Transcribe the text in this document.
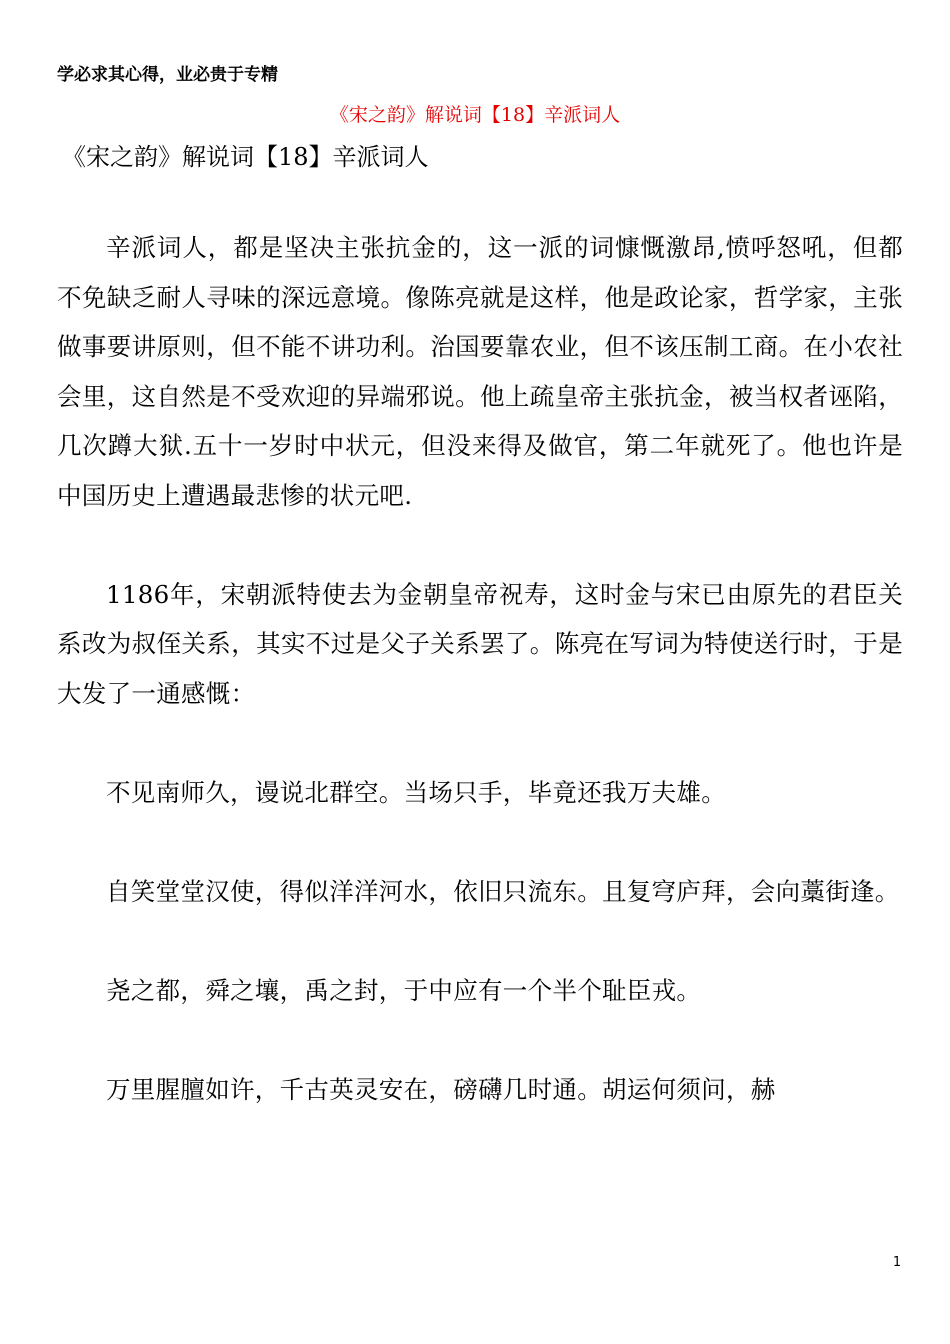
学必求其心得，业必贵于专精
《宋之韵》解说词【18】辛派词人
《宋之韵》解说词【18】辛派词人

辛派词人，都是坚决主张抗金的，这一派的词慷慨激昂,愤呼怒吼，但都不免缺乏耐人寻味的深远意境。像陈亮就是这样，他是政论家，哲学家，主张做事要讲原则，但不能不讲功利。治国要靠农业，但不该压制工商。在小农社会里，这自然是不受欢迎的异端邪说。他上疏皇帝主张抗金，被当权者诬陷，几次蹲大狱.五十一岁时中状元，但没来得及做官，第二年就死了。他也许是中国历史上遭遇最悲惨的状元吧.

1186年，宋朝派特使去为金朝皇帝祝寿，这时金与宋已由原先的君臣关系改为叔侄关系，其实不过是父子关系罢了。陈亮在写词为特使送行时，于是大发了一通感慨：

不见南师久，谩说北群空。当场只手，毕竟还我万夫雄。

自笑堂堂汉使，得似洋洋河水，依旧只流东。且复穹庐拜，会向藁街逢。

尧之都，舜之壤，禹之封，于中应有一个半个耻臣戎。

万里腥膻如许，千古英灵安在，磅礴几时通。胡运何须问，赫

1
